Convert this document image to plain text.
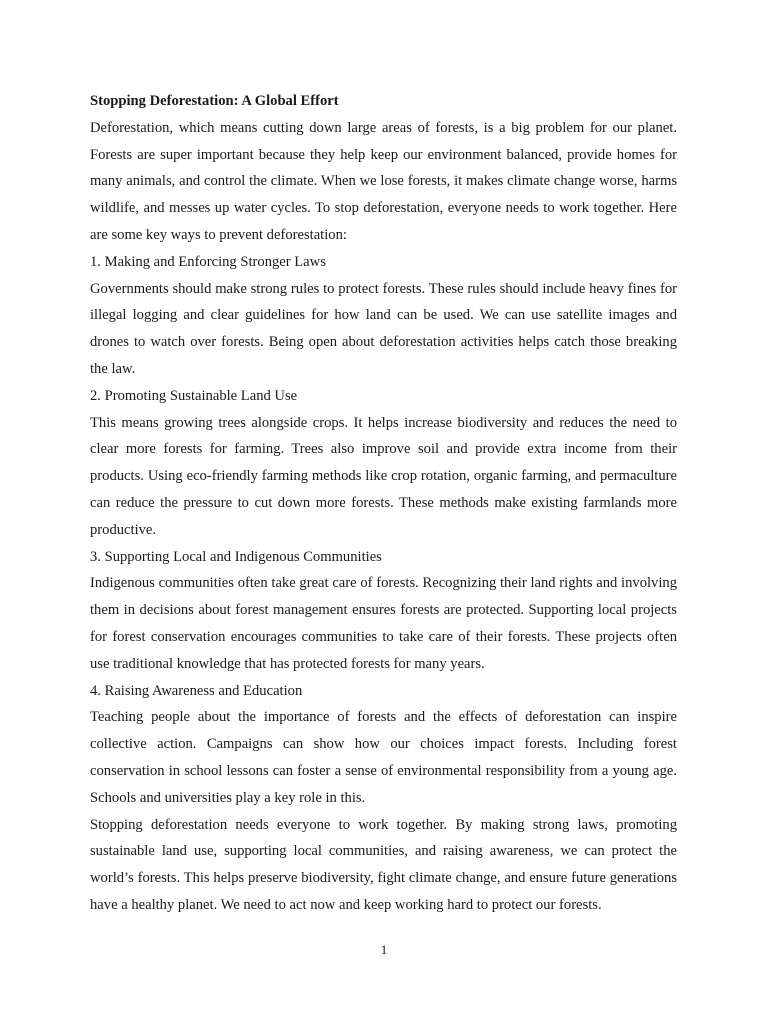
Stopping Deforestation: A Global Effort

Deforestation, which means cutting down large areas of forests, is a big problem for our planet. Forests are super important because they help keep our environment balanced, provide homes for many animals, and control the climate. When we lose forests, it makes climate change worse, harms wildlife, and messes up water cycles. To stop deforestation, everyone needs to work together. Here are some key ways to prevent deforestation:

1. Making and Enforcing Stronger Laws

Governments should make strong rules to protect forests. These rules should include heavy fines for illegal logging and clear guidelines for how land can be used. We can use satellite images and drones to watch over forests. Being open about deforestation activities helps catch those breaking the law.

2. Promoting Sustainable Land Use

This means growing trees alongside crops. It helps increase biodiversity and reduces the need to clear more forests for farming. Trees also improve soil and provide extra income from their products. Using eco-friendly farming methods like crop rotation, organic farming, and permaculture can reduce the pressure to cut down more forests. These methods make existing farmlands more productive.

3. Supporting Local and Indigenous Communities

Indigenous communities often take great care of forests. Recognizing their land rights and involving them in decisions about forest management ensures forests are protected. Supporting local projects for forest conservation encourages communities to take care of their forests. These projects often use traditional knowledge that has protected forests for many years.

4. Raising Awareness and Education

Teaching people about the importance of forests and the effects of deforestation can inspire collective action. Campaigns can show how our choices impact forests. Including forest conservation in school lessons can foster a sense of environmental responsibility from a young age. Schools and universities play a key role in this.

Stopping deforestation needs everyone to work together. By making strong laws, promoting sustainable land use, supporting local communities, and raising awareness, we can protect the world’s forests. This helps preserve biodiversity, fight climate change, and ensure future generations have a healthy planet. We need to act now and keep working hard to protect our forests.

1
